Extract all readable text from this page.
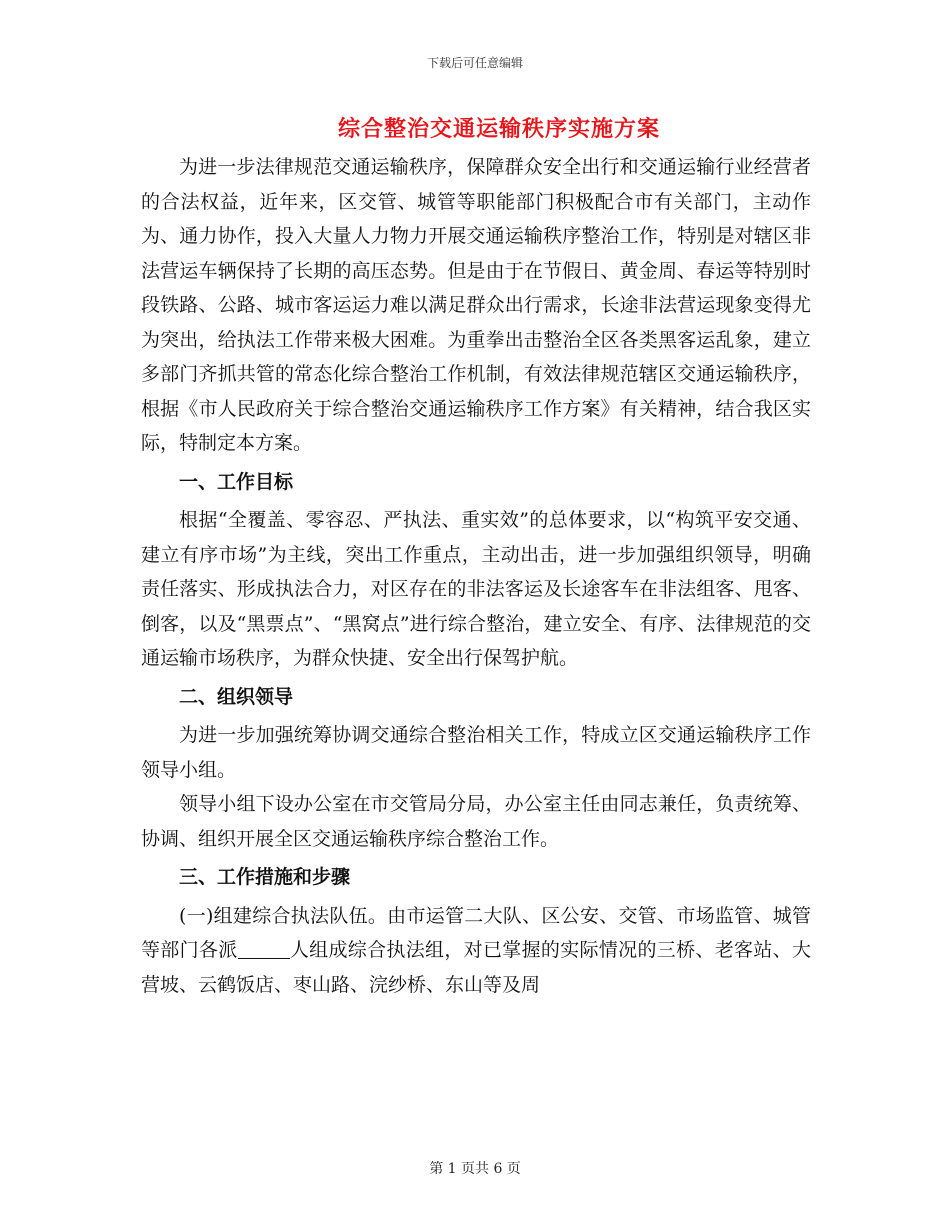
下载后可任意编辑
综合整治交通运输秩序实施方案

为进一步法律规范交通运输秩序，保障群众安全出行和交通运输行业经营者的合法权益，近年来，区交管、城管等职能部门积极配合市有关部门，主动作为、通力协作，投入大量人力物力开展交通运输秩序整治工作，特别是对辖区非法营运车辆保持了长期的高压态势。但是由于在节假日、黄金周、春运等特别时段铁路、公路、城市客运运力难以满足群众出行需求，长途非法营运现象变得尤为突出，给执法工作带来极大困难。为重拳出击整治全区各类黑客运乱象，建立多部门齐抓共管的常态化综合整治工作机制，有效法律规范辖区交通运输秩序，根据《市人民政府关于综合整治交通运输秩序工作方案》有关精神，结合我区实际，特制定本方案。

一、工作目标

根据“全覆盖、零容忍、严执法、重实效”的总体要求，以“构筑平安交通、建立有序市场”为主线，突出工作重点，主动出击，进一步加强组织领导，明确责任落实、形成执法合力，对区存在的非法客运及长途客车在非法组客、甩客、倒客，以及“黑票点”、“黑窝点”进行综合整治，建立安全、有序、法律规范的交通运输市场秩序，为群众快捷、安全出行保驾护航。

二、组织领导

为进一步加强统筹协调交通综合整治相关工作，特成立区交通运输秩序工作领导小组。

领导小组下设办公室在市交管局分局，办公室主任由同志兼任，负责统筹、协调、组织开展全区交通运输秩序综合整治工作。

三、工作措施和步骤

(一)组建综合执法队伍。由市运管二大队、区公安、交管、市场监管、城管等部门各派	人组成综合执法组，对已掌握的实际情况的三桥、老客站、大营坡、云鹤饭店、枣山路、浣纱桥、东山等及周

第 1 页共 6 页
